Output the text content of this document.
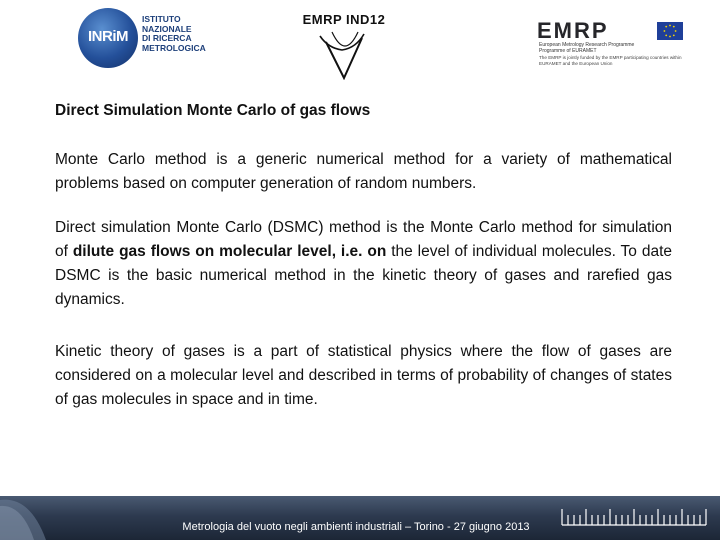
INRiM
ISTITUTO
NAZIONALE
DI RICERCA
METROLOGICA
EMRP IND12	EMRP
European Metrology Research Programme
Programme of EURAMET
The EMRP is jointly funded by the EMRP participating countries within EURAMET and the European Union
Direct Simulation Monte Carlo of gas flows

Monte Carlo method is a generic numerical method for a variety of mathematical problems based on computer generation of random numbers.

Direct simulation Monte Carlo (DSMC) method is the Monte Carlo method for simulation of dilute gas flows on molecular level, i.e. on the level of individual molecules. To date DSMC is the basic numerical method in the kinetic theory of gases and rarefied gas dynamics.

Kinetic theory of gases is a part of statistical physics where the flow of gases are considered on a molecular level and described in terms of probability of changes of states of gas molecules in space and in time.

Metrologia del vuoto negli ambienti industriali – Torino - 27 giugno 2013
